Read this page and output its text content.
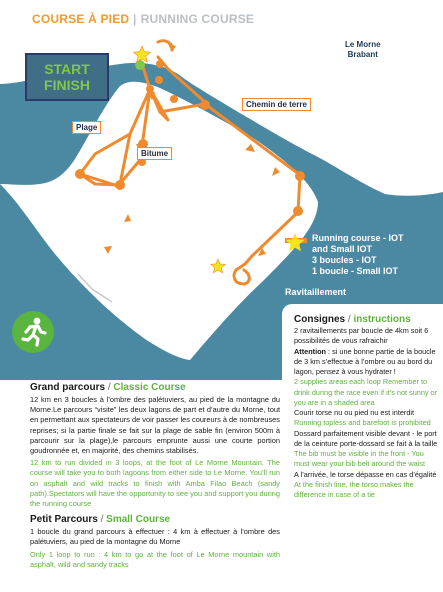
COURSE À PIED | RUNNING COURSE
START
FINISH
Le Morne
Brabant
Chemin de terre
Plage
Bitume
Running course - IOT
and Small IOT
3 boucles - IOT
1 boucle - Small IOT
Ravitaillement
Consignes / instructions

2 ravitaillements par boucle de 4km soit 6 possibilités de vous rafraichir

Attention : si une bonne partie de la boucle de 3 km s’effectue à l’ombre ou au bord du lagon, pensez à vous hydrater !

2 supplies areas each loop Remember to drink during the race even if it’s not sunny or you are in a shaded area

Courir torse nu ou pied nu est interdit

Running topless and barefoot is prohibited

Dossard parfaitement visible devant - le port de la ceinture porte-dossard se fait à la taille

The bib must be visible in the front - You must wear your bib belt around the waist

A l’arrivée, le torse dépasse en cas d’égalité

At the finish line, the torso makes the difference in case of a tie

Grand parcours / Classic Course

12 km en 3 boucles à l’ombre des palétuviers, au pied de la montagne du Morne.Le parcours “visite” les deux lagons de part et d’autre du Morne, tout en permettant aux spectateurs de voir passer les coureurs à de nombreuses reprises; si la partie finale se fait sur la plage de sable fin (environ 500m à parcourir sur la plage),le parcours emprunte aussi une courte portion goudronnée et, en majorité, des chemins stabilisés.

12 km to run divided in 3 loops, at the foot of Le Morne Mountain. The course will take you to both lagoons from either side to Le Morne. You’ll run on asphalt and wild tracks to finish with Amba Filao Beach (sandy path).Spectators will have the opportunity to see you and support you during the running course

Petit Parcours / Small Course

1 boucle du grand parcours à effectuer : 4 km à effectuer à l’ombre des palétuviers, au pied de la montagne du Morne

Only 1 loop to run : 4 km to go at the foot of Le Morne mountain with asphalt, wild and sandy tracks
